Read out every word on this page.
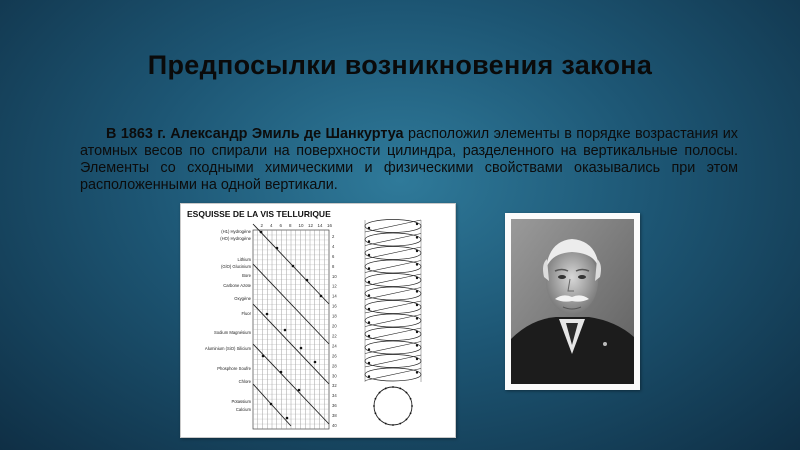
Предпосылки возникновения закона
В 1863 г. Александр Эмиль де Шанкуртуа расположил элементы в порядке возрастания их атомных весов по спирали на поверхности цилиндра, разделенного на вертикальные полосы. Элементы со сходными химическими и физическими свойствами оказывались при этом расположенными на одной вертикали.
ESQUISSE DE LA VIS TELLURIQUE
2 4 6 8 10 12 14 16
(H1) Hydrogène
(HO) Hydrogène
Lithium
(GlO) Glucinium
Bore
Carbone Azote
Oxygène
Fluor
Sodium Magnésium
Aluminium (SiO) Silicium
Phosphore Soufre
Chlore
Potassium
Calcium
2
4
6
8
10
12
14
16
18
20
22
24
26
28
30
32
34
36
38
40
